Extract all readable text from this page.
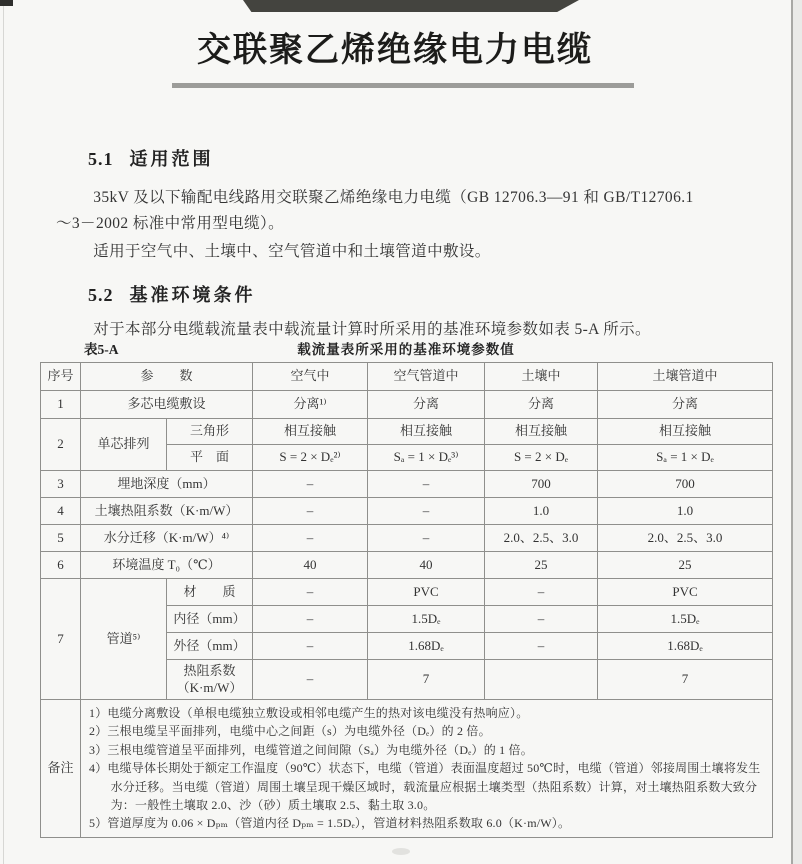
交联聚乙烯绝缘电力电缆
5.1 适用范围
35kV 及以下输配电线路用交联聚乙烯绝缘电力电缆（GB 12706.3—91 和 GB/T12706.1
～3－2002 标准中常用型电缆）。
适用于空气中、土壤中、空气管道中和土壤管道中敷设。
5.2 基准环境条件
对于本部分电缆载流量表中载流量计算时所采用的基准环境参数如表 5-A 所示。
载流量表所采用的基准环境参数值
表5-A
序号	参　　数		空气中	空气管道中	土壤中	土壤管道中
1	多芯电缆敷设		分离¹⁾	分离	分离	分离
2	单芯排列	三角形	相互接触	相互接触	相互接触	相互接触
		平　面	S = 2 × Dₑ²⁾	Sₐ = 1 × Dₑ³⁾	S = 2 × Dₑ	Sₐ = 1 × Dₑ
3	埋地深度（mm）		–	–	700	700
4	土壤热阻系数（K·m/W）		–	–	1.0	1.0
5	水分迁移（K·m/W）⁴⁾		–	–	2.0、2.5、3.0	2.0、2.5、3.0
6	环境温度 T₀（℃）		40	40	25	25
7	管道⁵⁾	材　　质	–	PVC	–	PVC
		内径（mm）	–	1.5Dₑ	–	1.5Dₑ
		外径（mm）	–	1.68Dₑ	–	1.68Dₑ
		热阻系数 （K·m/W）	–	7		7
备注	1）电缆分离敷设（单根电缆独立敷设或相邻电缆产生的热对该电缆没有热响应）。
2）三根电缆呈平面排列，电缆中心之间距（s）为电缆外径（Dₑ）的 2 倍。
3）三根电缆管道呈平面排列，电缆管道之间间隙（Sₐ）为电缆外径（Dₑ）的 1 倍。
4）电缆导体长期处于额定工作温度（90℃）状态下，电缆（管道）表面温度超过 50℃时，电缆（管道）邻接周围土壤将发生水分迁移。当电缆（管道）周围土壤呈现干燥区域时，载流量应根据土壤类型（热阻系数）计算，对土壤热阻系数大致分为：一般性土壤取 2.0、沙（砂）质土壤取 2.5、黏土取 3.0。
5）管道厚度为 0.06 × Dₚₘ（管道内径 Dₚₘ = 1.5Dₑ），管道材料热阻系数取 6.0（K·m/W）。					
